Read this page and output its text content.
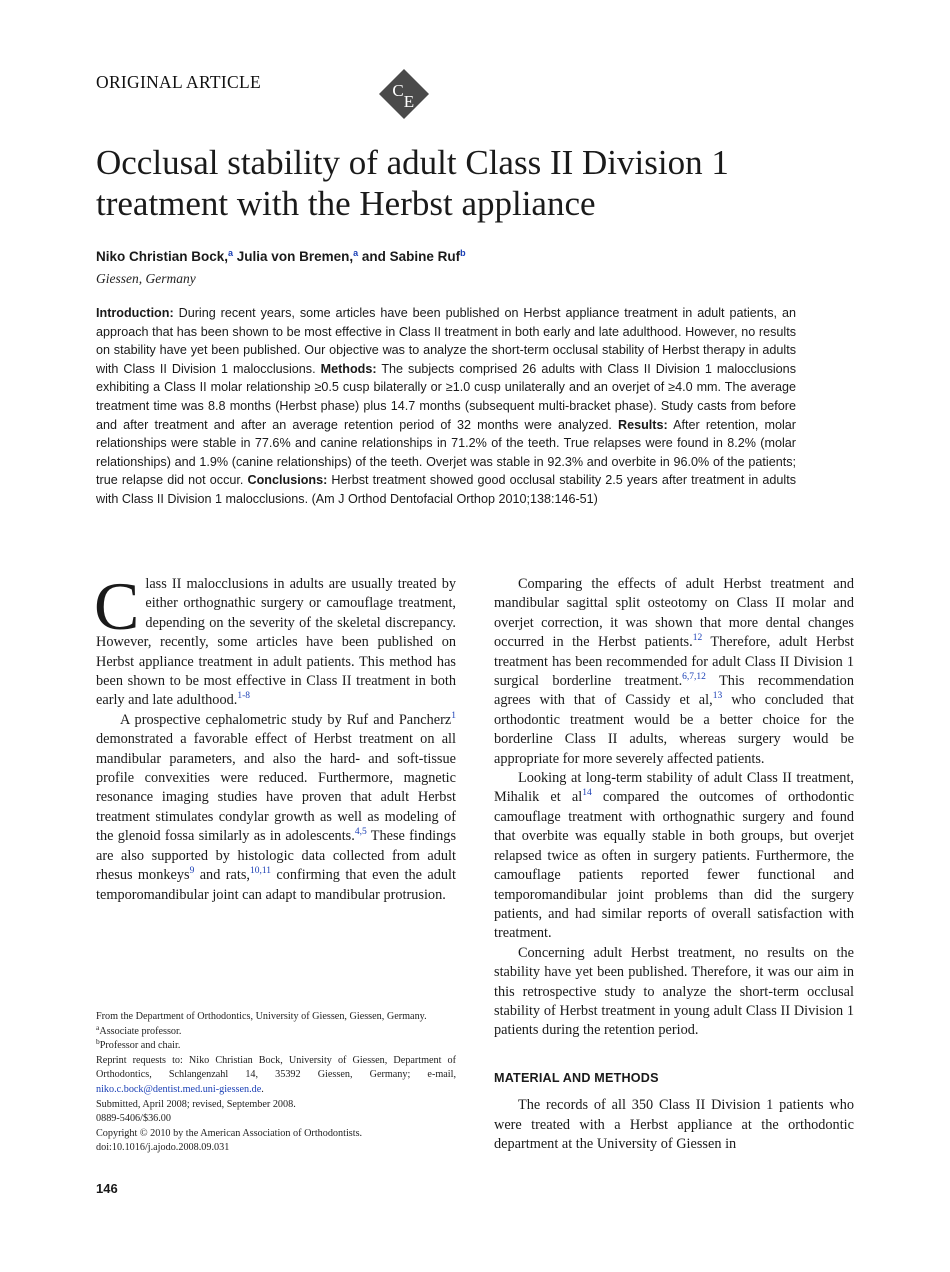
ORIGINAL ARTICLE	C
E
Occlusal stability of adult Class II Division 1 treatment with the Herbst appliance
Niko Christian Bock,$^a$ Julia von Bremen,$^a$ and Sabine Ruf$^b$
Giessen, Germany
Introduction: During recent years, some articles have been published on Herbst appliance treatment in adult patients, an approach that has been shown to be most effective in Class II treatment in both early and late adulthood. However, no results on stability have yet been published. Our objective was to analyze the short-term occlusal stability of Herbst therapy in adults with Class II Division 1 malocclusions. Methods: The subjects comprised 26 adults with Class II Division 1 malocclusions exhibiting a Class II molar relationship ≥0.5 cusp bilaterally or ≥1.0 cusp unilaterally and an overjet of ≥4.0 mm. The average treatment time was 8.8 months (Herbst phase) plus 14.7 months (subsequent multi-bracket phase). Study casts from before and after treatment and after an average retention period of 32 months were analyzed. Results: After retention, molar relationships were stable in 77.6% and canine relationships in 71.2% of the teeth. True relapses were found in 8.2% (molar relationships) and 1.9% (canine relationships) of the teeth. Overjet was stable in 92.3% and overbite in 96.0% of the patients; true relapse did not occur. Conclusions: Herbst treatment showed good occlusal stability 2.5 years after treatment in adults with Class II Division 1 malocclusions. (Am J Orthod Dentofacial Orthop 2010;138:146-51)

Class II malocclusions in adults are usually treated by either orthognathic surgery or camouflage treatment, depending on the severity of the skeletal discrepancy. However, recently, some articles have been published on Herbst appliance treatment in adult patients. This method has been shown to be most effective in Class II treatment in both early and late adulthood.$^{1-8}$

A prospective cephalometric study by Ruf and Pancherz$^1$ demonstrated a favorable effect of Herbst treatment on all mandibular parameters, and also the hard- and soft-tissue profile convexities were reduced. Furthermore, magnetic resonance imaging studies have proven that adult Herbst treatment stimulates condylar growth as well as modeling of the glenoid fossa similarly as in adolescents.$^{4,5}$ These findings are also supported by histologic data collected from adult rhesus monkeys$^9$ and rats,$^{10,11}$ confirming that even the adult temporomandibular joint can adapt to mandibular protrusion.

Comparing the effects of adult Herbst treatment and mandibular sagittal split osteotomy on Class II molar and overjet correction, it was shown that more dental changes occurred in the Herbst patients.$^{12}$ Therefore, adult Herbst treatment has been recommended for adult Class II Division 1 surgical borderline treatment.$^{6,7,12}$ This recommendation agrees with that of Cassidy et al,$^{13}$ who concluded that orthodontic treatment would be a better choice for the borderline Class II adults, whereas surgery would be appropriate for more severely affected patients.

Looking at long-term stability of adult Class II treatment, Mihalik et al$^{14}$ compared the outcomes of orthodontic camouflage treatment with orthognathic surgery and found that overbite was equally stable in both groups, but overjet relapsed twice as often in surgery patients. Furthermore, the camouflage patients reported fewer functional and temporomandibular joint problems than did the surgery patients, and had similar reports of overall satisfaction with treatment.

Concerning adult Herbst treatment, no results on the stability have yet been published. Therefore, it was our aim in this retrospective study to analyze the short-term occlusal stability of Herbst treatment in young adult Class II Division 1 patients during the retention period.

MATERIAL AND METHODS

The records of all 350 Class II Division 1 patients who were treated with a Herbst appliance at the orthodontic department at the University of Giessen in

From the Department of Orthodontics, University of Giessen, Giessen, Germany.
$^a$Associate professor.
$^b$Professor and chair.
Reprint requests to: Niko Christian Bock, University of Giessen, Department of Orthodontics, Schlangenzahl 14, 35392 Giessen, Germany; e-mail, niko.c.bock@dentist.med.uni-giessen.de.
Submitted, April 2008; revised, September 2008.
0889-5406/$36.00
Copyright © 2010 by the American Association of Orthodontists.
doi:10.1016/j.ajodo.2008.09.031
146
